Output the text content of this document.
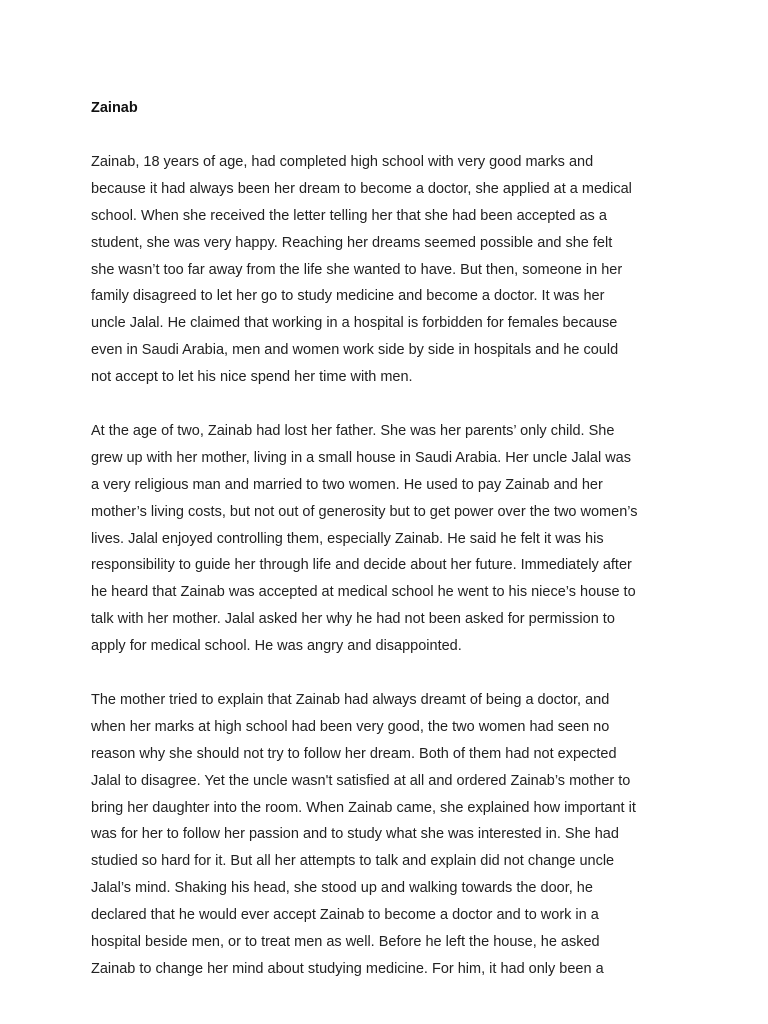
Zainab

Zainab, 18 years of age, had completed high school with very good marks and
because it had always been her dream to become a doctor, she applied at a medical
school. When she received the letter telling her that she had been accepted as a
student, she was very happy. Reaching her dreams seemed possible and she felt
she wasn’t too far away from the life she wanted to have. But then, someone in her
family disagreed to let her go to study medicine and become a doctor. It was her
uncle Jalal. He claimed that working in a hospital is forbidden for females because
even in Saudi Arabia, men and women work side by side in hospitals and he could
not accept to let his nice spend her time with men.

At the age of two, Zainab had lost her father. She was her parents’ only child. She
grew up with her mother, living in a small house in Saudi Arabia. Her uncle Jalal was
a very religious man and married to two women. He used to pay Zainab and her
mother’s living costs, but not out of generosity but to get power over the two women’s
lives. Jalal enjoyed controlling them, especially Zainab. He said he felt it was his
responsibility to guide her through life and decide about her future. Immediately after
he heard that Zainab was accepted at medical school he went to his niece’s house to
talk with her mother. Jalal asked her why he had not been asked for permission to
apply for medical school. He was angry and disappointed.

The mother tried to explain that Zainab had always dreamt of being a doctor, and
when her marks at high school had been very good, the two women had seen no
reason why she should not try to follow her dream. Both of them had not expected
Jalal to disagree. Yet the uncle wasn't satisfied at all and ordered Zainab’s mother to
bring her daughter into the room. When Zainab came, she explained how important it
was for her to follow her passion and to study what she was interested in. She had
studied so hard for it. But all her attempts to talk and explain did not change uncle
Jalal’s mind. Shaking his head, she stood up and walking towards the door, he
declared that he would ever accept Zainab to become a doctor and to work in a
hospital beside men, or to treat men as well. Before he left the house, he asked
Zainab to change her mind about studying medicine. For him, it had only been a
